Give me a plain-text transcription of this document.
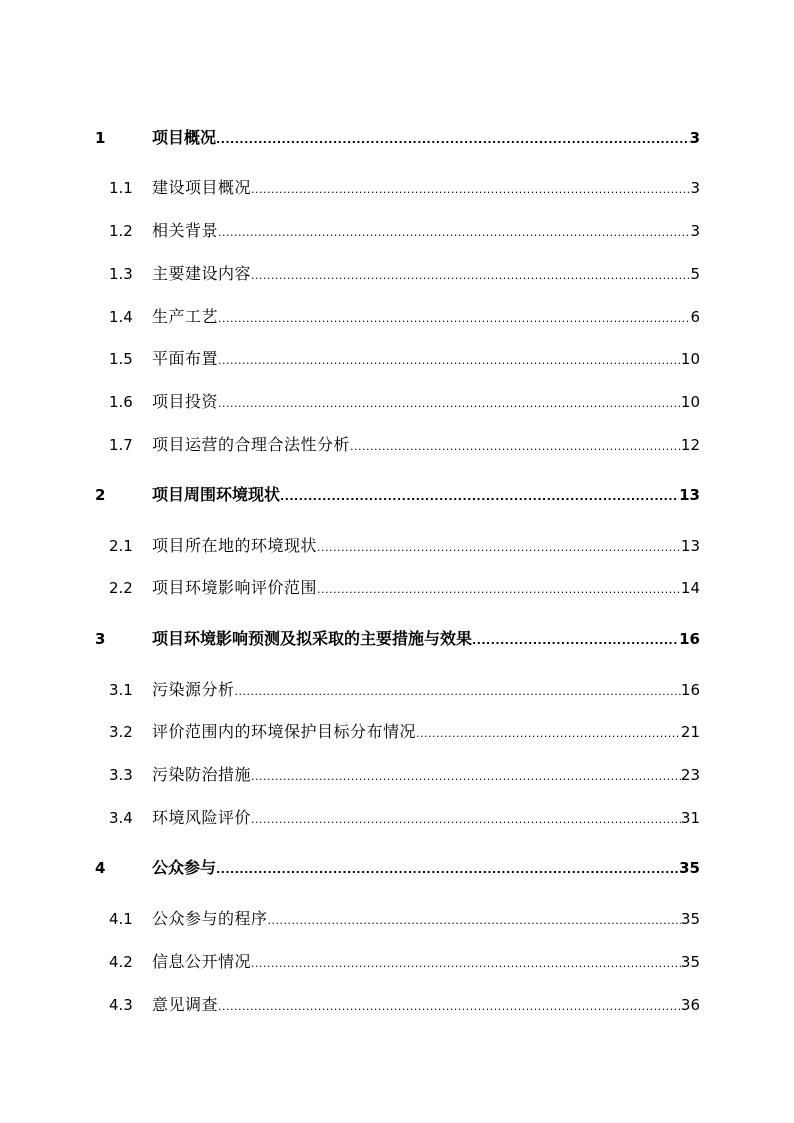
1	项目概况 .....	3
1.1 建设项目概况 .....	3
1.2 相关背景 .....	3
1.3 主要建设内容 .....	5
1.4 生产工艺 .....	6
1.5 平面布置 .....	10
1.6 项目投资 .....	10
1.7 项目运营的合理合法性分析 .....	12
2	项目周围环境现状 .....	13
2.1 项目所在地的环境现状 .....	13
2.2 项目环境影响评价范围 .....	14
3	项目环境影响预测及拟采取的主要措施与效果 .....	16
3.1 污染源分析 .....	16
3.2 评价范围内的环境保护目标分布情况 .....	21
3.3 污染防治措施 .....	23
3.4 环境风险评价 .....	31
4	公众参与 .....	35
4.1 公众参与的程序 .....	35
4.2 信息公开情况 .....	35
4.3 意见调查 .....	36
